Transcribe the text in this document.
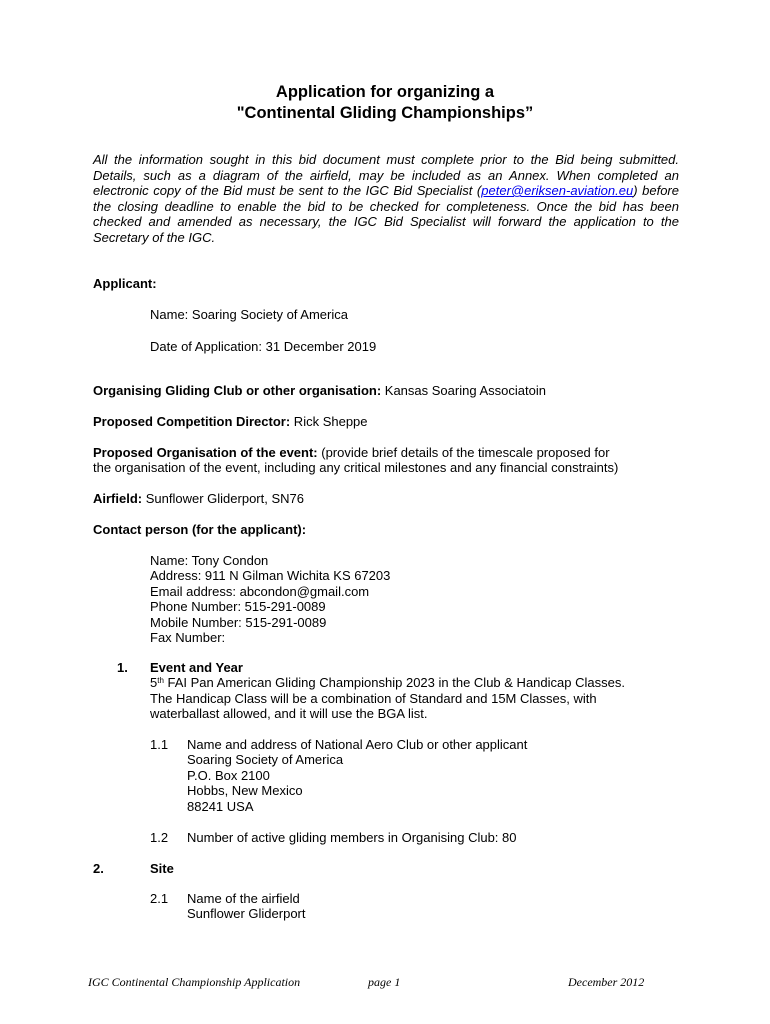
Application for organizing a
"Continental Gliding Championships”
All the information sought in this bid document must complete prior to the Bid being submitted. Details, such as a diagram of the airfield, may be included as an Annex. When completed an electronic copy of the Bid must be sent to the IGC Bid Specialist (peter@eriksen-aviation.eu) before the closing deadline to enable the bid to be checked for completeness. Once the bid has been checked and amended as necessary, the IGC Bid Specialist will forward the application to the Secretary of the IGC.
Applicant:
Name: Soaring Society of America
Date of Application: 31 December 2019
Organising Gliding Club or other organisation: Kansas Soaring Associatoin
Proposed Competition Director: Rick Sheppe
Proposed Organisation of the event: (provide brief details of the timescale proposed for
the organisation of the event, including any critical milestones and any financial constraints)
Airfield: Sunflower Gliderport, SN76
Contact person (for the applicant):
Name: Tony Condon
Address: 911 N Gilman Wichita KS 67203
Email address: abcondon@gmail.com
Phone Number: 515-291-0089
Mobile Number: 515-291-0089
Fax Number:
1. Event and Year
5th FAI Pan American Gliding Championship 2023 in the Club & Handicap Classes.
The Handicap Class will be a combination of Standard and 15M Classes, with
waterballast allowed, and it will use the BGA list.
1.1 Name and address of National Aero Club or other applicant
Soaring Society of America
P.O. Box 2100
Hobbs, New Mexico
88241 USA
1.2 Number of active gliding members in Organising Club: 80
2.	Site
2.1 Name of the airfield
Sunflower Gliderport
IGC Continental Championship Application	page 1	December 2012
